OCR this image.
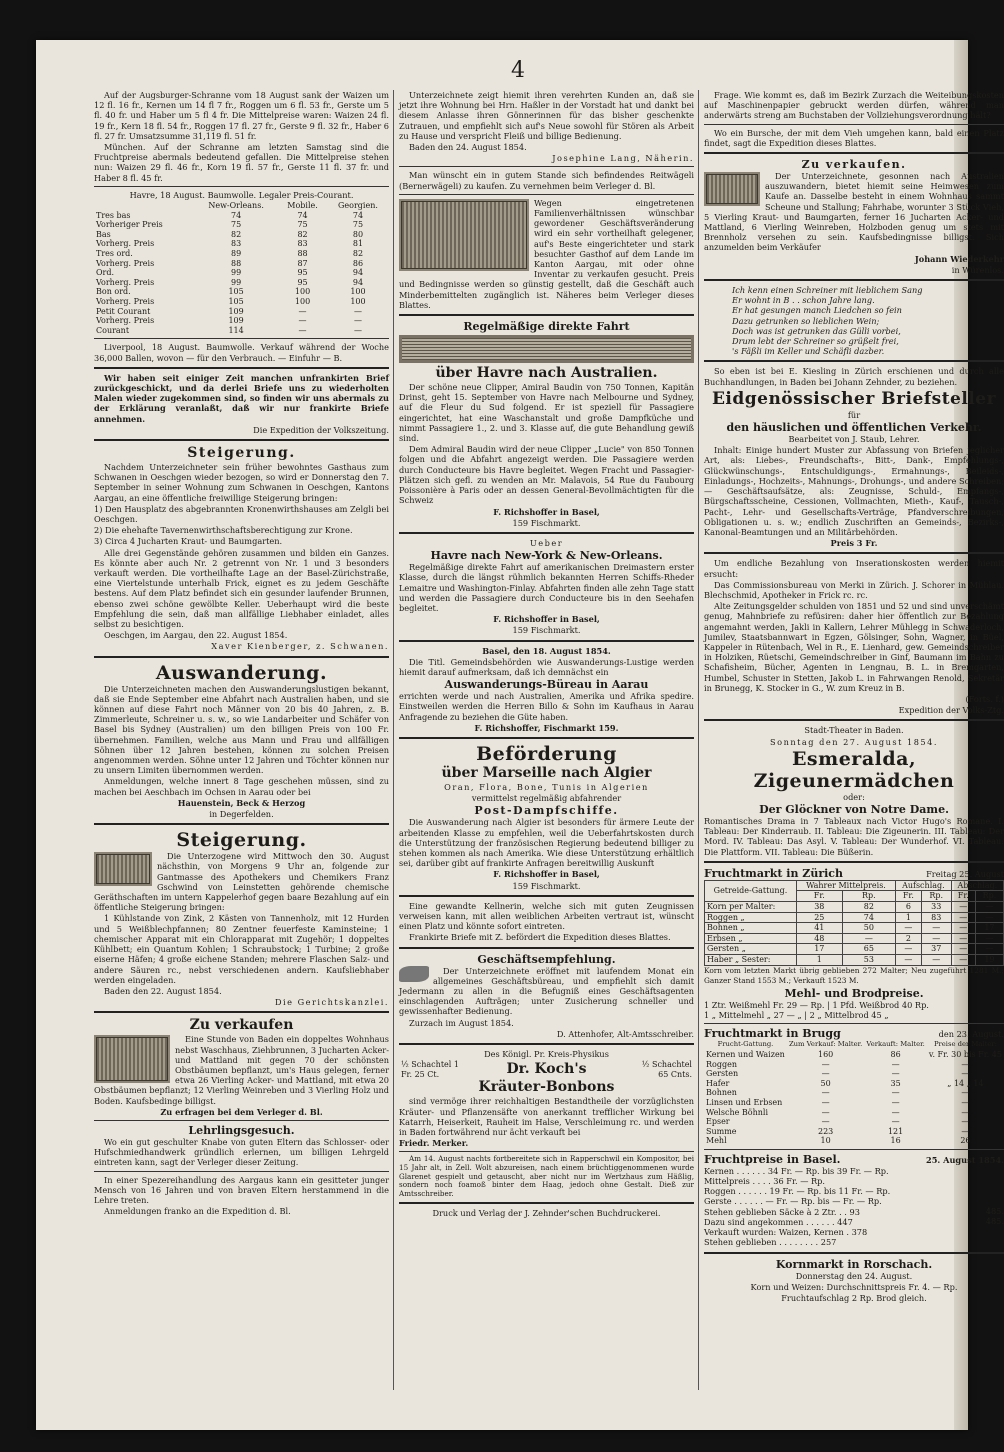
4

Auf der Augsburger-Schranne vom 18 August sank der Waizen um 12 fl. 16 fr., Kernen um 14 fl 7 fr., Roggen um 6 fl. 53 fr., Gerste um 5 fl. 40 fr. und Haber um 5 fl 4 fr. Die Mittelpreise waren: Waizen 24 fl. 19 fr., Kern 18 fl. 54 fr., Roggen 17 fl. 27 fr., Gerste 9 fl. 32 fr., Haber 6 fl. 27 fr. Umsatzsumme 31,119 fl. 51 fr.

München. Auf der Schranne am letzten Samstag sind die Fruchtpreise abermals bedeutend gefallen. Die Mittelpreise stehen nun: Waizen 29 fl. 46 fr., Korn 19 fl. 57 fr., Gerste 11 fl. 37 fr. und Haber 8 fl. 45 fr.

Havre, 18 August. Baumwolle. Legaler Preis-Courant.

	New-Orleans.	Mobile.	Georgien.
Tres bas	74	74	74
Vorheriger Preis	75	75	75
Bas	82	82	80
Vorherg. Preis	83	83	81
Tres ord.	89	88	82
Vorherg. Preis	88	87	86
Ord.	99	95	94
Vorherg. Preis	99	95	94
Bon ord.	105	100	100
Vorherg. Preis	105	100	100
Petit Courant	109	—	—
Vorherg. Preis	109	—	—
Courant	114	—	—

Liverpool, 18 August. Baumwolle. Verkauf während der Woche 36,000 Ballen, wovon — für den Verbrauch. — Einfuhr — B.

Wir haben seit einiger Zeit manchen unfrankirten Brief zurückgeschickt, und da derlei Briefe uns zu wiederholten Malen wieder zugekommen sind, so finden wir uns abermals zu der Erklärung veranlaßt, daß wir nur frankirte Briefe annehmen.

Die Expedition der Volkszeitung.

Steigerung.

Nachdem Unterzeichneter sein früher bewohntes Gasthaus zum Schwanen in Oeschgen wieder bezogen, so wird er Donnerstag den 7. September in seiner Wohnung zum Schwanen in Oeschgen, Kantons Aargau, an eine öffentliche freiwillige Steigerung bringen:

1) Den Hausplatz des abgebrannten Kronenwirthshauses am Zelgli bei Oeschgen.

2) Die ehehafte Tavernenwirthschaftsberechtigung zur Krone.

3) Circa 4 Jucharten Kraut- und Baumgarten.

Alle drei Gegenstände gehören zusammen und bilden ein Ganzes. Es könnte aber auch Nr. 2 getrennt von Nr. 1 und 3 besonders verkauft werden. Die vortheilhafte Lage an der Basel-Zürichstraße, eine Viertelstunde unterhalb Frick, eignet es zu jedem Geschäfte bestens. Auf dem Platz befindet sich ein gesunder laufender Brunnen, ebenso zwei schöne gewölbte Keller. Ueberhaupt wird die beste Empfehlung die sein, daß man allfällige Liebhaber einladet, alles selbst zu besichtigen.

Oeschgen, im Aargau, den 22. August 1854.

Xaver Kienberger, z. Schwanen.

Auswanderung.

Die Unterzeichneten machen den Auswanderungslustigen bekannt, daß sie Ende September eine Abfahrt nach Australien haben, und sie können auf diese Fahrt noch Männer von 20 bis 40 Jahren, z. B. Zimmerleute, Schreiner u. s. w., so wie Landarbeiter und Schäfer von Basel bis Sydney (Australien) um den billigen Preis von 100 Fr. übernehmen. Familien, welche aus Mann und Frau und allfälligen Söhnen über 12 Jahren bestehen, können zu solchen Preisen angenommen werden. Söhne unter 12 Jahren und Töchter können nur zu unsern Limiten übernommen werden.

Anmeldungen, welche innert 8 Tage geschehen müssen, sind zu machen bei Aeschbach im Ochsen in Aarau oder bei

Hauenstein, Beck & Herzog

in Degerfelden.

Steigerung.

Die Unterzogene wird Mittwoch den 30. August nächsthin, von Morgens 9 Uhr an, folgende zur Gantmasse des Apothekers und Chemikers Franz Gschwind von Leinstetten gehörende chemische Geräthschaften im untern Kappelerhof gegen baare Bezahlung auf ein öffentliche Steigerung bringen:

1 Kühlstande von Zink, 2 Kästen von Tannenholz, mit 12 Hurden und 5 Weißblechpfannen; 80 Zentner feuerfeste Kaminsteine; 1 chemischer Apparat mit ein Chlorapparat mit Zugehör; 1 doppeltes Kühlbett; ein Quantum Kohlen; 1 Schraubstock; 1 Turbine; 2 große eiserne Häfen; 4 große eichene Standen; mehrere Flaschen Salz- und andere Säuren rc., nebst verschiedenen andern. Kaufsliebhaber werden eingeladen.

Baden den 22. August 1854.

Die Gerichtskanzlei.

Zu verkaufen

Eine Stunde von Baden ein doppeltes Wohnhaus nebst Waschhaus, Ziehbrunnen, 3 Jucharten Acker- und Mattland mit gegen 70 der schönsten Obstbäumen bepflanzt, um's Haus gelegen, ferner etwa 26 Vierling Acker- und Mattland, mit etwa 20 Obstbäumen bepflanzt; 12 Vierling Weinreben und 3 Vierling Holz und Boden. Kaufsbedinge billigst.

Zu erfragen bei dem Verleger d. Bl.

Lehrlingsgesuch.

Wo ein gut geschulter Knabe von guten Eltern das Schlosser- oder Hufschmiedhandwerk gründlich erlernen, um billigen Lehrgeld eintreten kann, sagt der Verleger dieser Zeitung.

In einer Spezereihandlung des Aargaus kann ein gesitteter junger Mensch von 16 Jahren und von braven Eltern herstammend in die Lehre treten.

Anmeldungen franko an die Expedition d. Bl.

Unterzeichnete zeigt hiemit ihren verehrten Kunden an, daß sie jetzt ihre Wohnung bei Hrn. Haßler in der Vorstadt hat und dankt bei diesem Anlasse ihren Gönnerinnen für das bisher geschenkte Zutrauen, und empfiehlt sich auf's Neue sowohl für Stören als Arbeit zu Hause und verspricht Fleiß und billige Bedienung.

Baden den 24. August 1854.

Josephine Lang, Näherin.

Man wünscht ein in gutem Stande sich befindendes Reitwägeli (Bernerwägeli) zu kaufen. Zu vernehmen beim Verleger d. Bl.

Wegen eingetretenen Familienverhältnissen wünschbar gewordener Geschäftsveränderung wird ein sehr vortheilhaft gelegener, auf's Beste eingerichteter und stark besuchter Gasthof auf dem Lande im Kanton Aargau, mit oder ohne Inventar zu verkaufen gesucht. Preis und Bedingnisse werden so günstig gestellt, daß die Geschäft auch Minderbemittelten zugänglich ist. Näheres beim Verleger dieses Blattes.

Regelmäßige direkte Fahrt
über Havre nach Australien.

Der schöne neue Clipper, Amiral Baudin von 750 Tonnen, Kapitän Drinst, geht 15. September von Havre nach Melbourne und Sydney, auf die Fleur du Sud folgend. Er ist speziell für Passagiere eingerichtet, hat eine Waschanstalt und große Dampfküche und nimmt Passagiere 1., 2. und 3. Klasse auf, die gute Behandlung gewiß sind.

Dem Admiral Baudin wird der neue Clipper „Lucie" von 850 Tonnen folgen und die Abfahrt angezeigt werden. Die Passagiere werden durch Conducteure bis Havre begleitet. Wegen Fracht und Passagier-Plätzen sich gefl. zu wenden an Mr. Malavois, 54 Rue du Faubourg Poissonière à Paris oder an dessen General-Bevollmächtigten für die Schweiz

F. Richshoffer in Basel,

159 Fischmarkt.

Ueber

Havre nach New-York & New-Orleans.

Regelmäßige direkte Fahrt auf amerikanischen Dreimastern erster Klasse, durch die längst rühmlich bekannten Herren Schiffs-Rheder Lemaitre und Washington-Finlay. Abfahrten finden alle zehn Tage statt und werden die Passagiere durch Conducteure bis in den Seehafen begleitet.

F. Richshoffer in Basel,

159 Fischmarkt.

Basel, den 18. August 1854.

Die Titl. Gemeindsbehörden wie Auswanderungs-Lustige werden hiemit darauf aufmerksam, daß ich demnächst ein

Auswanderungs-Büreau in Aarau

errichten werde und nach Australien, Amerika und Afrika spedire. Einstweilen werden die Herren Billo & Sohn im Kaufhaus in Aarau Anfragende zu beziehen die Güte haben.

F. Richshoffer, Fischmarkt 159.

Beförderung
über Marseille nach Algier

Oran, Flora, Bone, Tunis in Algerien

vermittelst regelmäßig abfahrender

Post-Dampfschiffe.

Die Auswanderung nach Algier ist besonders für ärmere Leute der arbeitenden Klasse zu empfehlen, weil die Ueberfahrtskosten durch die Unterstützung der französischen Regierung bedeutend billiger zu stehen kommen als nach Amerika. Wie diese Unterstützung erhältlich sei, darüber gibt auf frankirte Anfragen bereitwillig Auskunft

F. Richshoffer in Basel,

159 Fischmarkt.

Eine gewandte Kellnerin, welche sich mit guten Zeugnissen verweisen kann, mit allen weiblichen Arbeiten vertraut ist, wünscht einen Platz und könnte sofort eintreten.

Frankirte Briefe mit Z. befördert die Expedition dieses Blattes.

Geschäftsempfehlung.

Der Unterzeichnete eröffnet mit laufendem Monat ein allgemeines Geschäftsbüreau, und empfiehlt sich damit Jedermann zu allen in die Befugniß eines Geschäftsagenten einschlagenden Aufträgen; unter Zusicherung schneller und gewissenhafter Bedienung.

Zurzach im August 1854.

D. Attenhofer, Alt-Amtsschreiber.

Des Königl. Pr. Kreis-Physikus

½ Schachtel 1 Fr. 25 Ct.	Dr. Koch's	½ Schachtel 65 Cnts.
Kräuter-Bonbons

sind vermöge ihrer reichhaltigen Bestandtheile der vorzüglichsten Kräuter- und Pflanzensäfte von anerkannt trefflicher Wirkung bei Katarrh, Heiserkeit, Rauheit im Halse, Verschleimung rc. und werden in Baden fortwährend nur ächt verkauft bei

Friedr. Merker.

Am 14. August nachts fortbereitete sich in Rapperschwil ein Kompositor, bei 15 Jahr alt, in Zell. Wolt abzureisen, nach einem brüchtiggenommenen wurde Glarenet gespielt und getauscht, aber nicht nur im Wertzhaus zum Häßlig, sondern noch foamoß binter dem Haag, jedoch ohne Gestalt. Dieß zur Amtsschreiber.

Druck und Verlag der J. Zehnder'schen Buchdruckerei.

Frage. Wie kommt es, daß im Bezirk Zurzach die Weiteibungskosten auf Maschinenpapier gebruckt werden dürfen, während man anderwärts streng am Buchstaben der Vollziehungsverordnung hält?

Wo ein Bursche, der mit dem Vieh umgehen kann, bald einen Platz findet, sagt die Expedition dieses Blattes.

Zu verkaufen.

Der Unterzeichnete, gesonnen nach Australien auszuwandern, bietet hiemit seine Heimwesen zum Kaufe an. Dasselbe besteht in einem Wohnhaus sammt Scheune und Stallung; Fahrhabe, worunter 3 Stück Vieh, 5 Vierling Kraut- und Baumgarten, ferner 16 Jucharten Acker- und Mattland, 6 Vierling Weinreben, Holzboden genug um stets mit Brennholz versehen zu sein. Kaufsbedingnisse billigst. Sich anzumelden beim Verkäufer

Johann Wiederkehr

in Würenlos.

Ich kenn einen Schreiner mit lieblichem Sang
Er wohnt in B . . schon Jahre lang.
Er hat gesungen manch Liedchen so fein
Dazu getrunken so lieblichen Wein;
Doch was ist getrunken das Gülli vorbei,
Drum lebt der Schreiner so grüßelt frei,
's Fäßli im Keller und Schäfli dazber.

So eben ist bei E. Kiesling in Zürich erschienen und durch alle Buchhandlungen, in Baden bei Johann Zehnder, zu beziehen.

Eidgenössischer Briefsteller

für

den häuslichen und öffentlichen Verkehr.

Bearbeitet von J. Staub, Lehrer.

Inhalt: Einige hundert Muster zur Abfassung von Briefen jeglicher Art, als: Liebes-, Freundschafts-, Bitt-, Dank-, Empfehlungs-, Glückwünschungs-, Entschuldigungs-, Ermahnungs-, Beileids-, Einladungs-, Hochzeits-, Mahnungs-, Drohungs-, und andere Schreiben; — Geschäftsaufsätze, als: Zeugnisse, Schuld-, Empfangs-, Bürgschaftsscheine, Cessionen, Vollmachten, Mieth-, Kauf-, Tausch-, Pacht-, Lehr- und Gesellschafts-Verträge, Pfandverschreibungen, Obligationen u. s. w.; endlich Zuschriften an Gemeinds-, Bezirks-, Kanonal-Beamtungen und an Militärbehörden.

Preis 3 Fr.

Um endliche Bezahlung von Inserationskosten werden hiemit ersucht:

Das Commissionsbureau von Merki in Zürich. J. Schorer in Mühlau. Blechschmid, Apotheker in Frick rc. rc.

Alte Zeitungsgelder schulden von 1851 und 52 und sind unverschämt genug, Mahnbriefe zu refüsiren: daher hier öffentlich zur Bezahlung angemahnt werden, Jakli in Kallern, Lehrer Mühlegg in Schwaderloch, Jumilev, Staatsbannwart in Egzen, Gölsinger, Sohn, Wagner, in Büel, Kappeler in Rütenbach, Wel in R., E. Lienhard, gew. Gemeindschreiber in Holziken, Rüetschi, Gemeindschreiber in Ginf, Baumann im Bahn zu Schafisheim, Bücher, Agenten in Lengnau, B. L. in Bremgarten, Humbel, Schuster in Stetten, Jakob L. in Fahrwangen Renold, Sekretär in Brunegg, K. Stocker in G., W. zum Kreuz in B.

(Forts. f.)

Expedition der Volks-Ztg.

Stadt-Theater in Baden.

Sonntag den 27. August 1854.

Esmeralda,
Zigeunermädchen

oder:

Der Glöckner von Notre Dame.

Romantisches Drama in 7 Tableaux nach Victor Hugo's Romane. I. Tableau: Der Kinderraub. II. Tableau: Die Zigeunerin. III. Tableau: Der Mord. IV. Tableau: Das Asyl. V. Tableau: Der Wunderhof. VI. Tableau: Die Plattform. VII. Tableau: Die Büßerin.

Fruchtmarkt in Zürich	Freitag 25. August
Getreide-Gattung.	Wahrer Mittelpreis.		Aufschlag.		Abschlag.	
	Fr.	Rp.	Fr.	Rp.	Fr.	Rp.
Korn per Malter:	38	82	6	33	—	—
Roggen „	25	74	1	83	—	—
Bohnen „	41	50	—	—	—	17
Erbsen „	48	—	2	—	—	—
Gersten „	17	65	—	37	—	—
Haber „ Sester:	1	53	—	—	—	19

Korn vom letzten Markt übrig geblieben 272 Malter; Neu zugeführt 1281 M.; Ganzer Stand 1553 M.; Verkauft 1523 M.

Mehl- und Brodpreise.
1 Ztr. Weißmehl Fr. 29 — Rp. | 1 Pfd. Weißbrod 40 Rp.
1 „ Mittelmehl „ 27 — „ | 2 „ Mittelbrod 45 „
Fruchtmarkt in Brugg	den 23. August.
Frucht-Gattung.	Zum Verkauf: Malter.	Verkauft: Malter.	Preise der Malter:
Kernen und Waizen	160	86	v. Fr. 30 bis Fr. 45
Roggen	—	—	—
Gersten	—	—	—
Hafer	50	35	„ 14 „ 14
Bohnen	—	—	—
Linsen und Erbsen	—	—	—
Welsche Böhnli	—	—	—
Epser	—	—	—
Summe	223	121	—
Mehl	10	16	26
Fruchtpreise in Basel.	25. August 1854.
Kernen . . . . . . 34 Fr. — Rp. bis 39 Fr. — Rp.
Mittelpreis . . . . 36 Fr. — Rp.
Roggen . . . . . . 19 Fr. — Rp. bis 11 Fr. — Rp.
Gerste . . . . . . — Fr. — Rp. bis — Fr. — Rp.
Stehen geblieben Säcke à 2 Ztr. . . 93
Dazu sind angekommen . . . . . . 447
Verkauft wurden: Waizen, Kernen . 378
Stehen geblieben . . . . . . . . 257
485.
485.
Kornmarkt in Rorschach.

Donnerstag den 24. August.

Korn und Weizen: Durchschnittspreis Fr. 4. — Rp.

Fruchtaufschlag 2 Rp. Brod gleich.
